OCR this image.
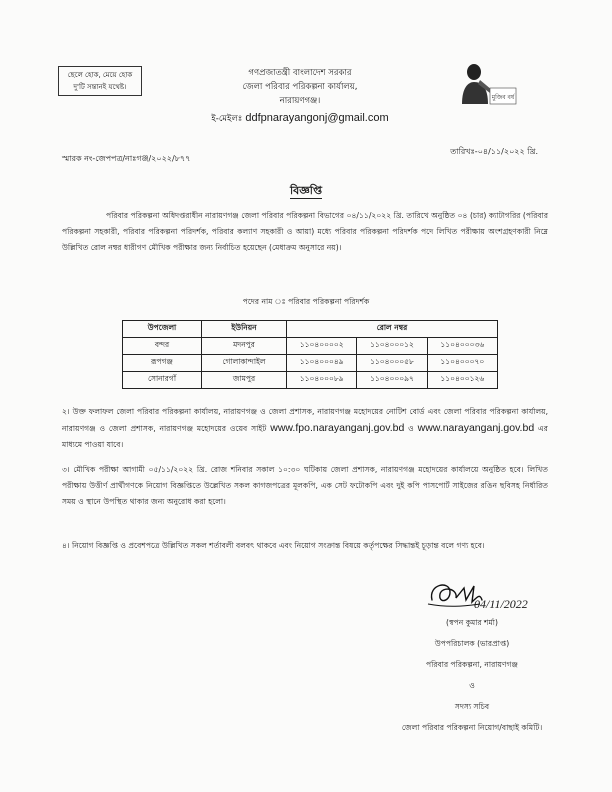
ছেলে হোক, মেয়ে হোক
দু'টি সন্তানই যথেষ্ট।
গণপ্রজাতন্ত্রী বাংলাদেশ সরকার
জেলা পরিবার পরিকল্পনা কার্যালয়,
নারায়ণগঞ্জ।
ই-মেইলঃ ddfpnarayangonj@gmail.com
মুজিব বর্ষ
স্মারক নং-জেপপত্র/নাঃগঞ্জ/২০২২/৮৭৭
তারিখঃ-০৪/১১/২০২২ খ্রি.
বিজ্ঞপ্তি
পরিবার পরিকল্পনা অধিদপ্তরাধীন নারায়ণগঞ্জ জেলা পরিবার পরিকল্পনা বিভাগের ০৪/১১/২০২২ খ্রি. তারিখে অনুষ্ঠিত ০৪ (চার) ক্যাটাগরির (পরিবার পরিকল্পনা সহকারী, পরিবার পরিকল্পনা পরিদর্শক, পরিবার কল্যাণ সহকারী ও আয়া) মধ্যে পরিবার পরিকল্পনা পরিদর্শক পদে লিখিত পরীক্ষায় অংশগ্রহণকারী নিম্নে উল্লিখিত রোল নম্বর ধারীগণ মৌখিক পরীক্ষার জন্য নির্বাচিত হয়েছেন (মেধাক্রম অনুসারে নয়)।
পদের নাম ঃ পরিবার পরিকল্পনা পরিদর্শক
উপজেলা	ইউনিয়ন	রোল নম্বর		
বন্দর	মদনপুর	১১০৪০০০০২	১১০৪০০০১২	১১০৪০০০৩৬
রূপগঞ্জ	গোলাকান্দাইল	১১০৪০০০৪৯	১১০৪০০০৫৮	১১০৪০০০৭০
সোনারগাঁ	জামপুর	১১০৪০০০৮৯	১১০৪০০০৯৭	১১০৪০০১২৬
২। উক্ত ফলাফল জেলা পরিবার পরিকল্পনা কার্যালয়, নারায়ণগঞ্জ ও জেলা প্রশাসক, নারায়ণগঞ্জ মহোদয়ের নোটিশ বোর্ড এবং জেলা পরিবার পরিকল্পনা কার্যালয়, নারায়ণগঞ্জ ও জেলা প্রশাসক, নারায়ণগঞ্জ মহোদয়ের ওয়েব সাইট www.fpo.narayanganj.gov.bd ও www.narayanganj.gov.bd এর মাধ্যমে পাওয়া যাবে।
৩। মৌখিক পরীক্ষা আগামী ০৫/১১/২০২২ খ্রি. রোজ শনিবার সকাল ১০:৩০ ঘটিকায় জেলা প্রশাসক, নারায়ণগঞ্জ মহোদয়ের কার্যালয়ে অনুষ্ঠিত হবে। লিখিত পরীক্ষায় উত্তীর্ণ প্রার্থীগণকে নিয়োগ বিজ্ঞপ্তিতে উল্লেখিত সকল কাগজপত্রের মূলকপি, এক সেট ফটোকপি এবং দুই কপি পাসপোর্ট সাইজের রঙিন ছবিসহ নির্ধারিত সময় ও স্থানে উপস্থিত থাকার জন্য অনুরোধ করা হলো।
৪। নিয়োগ বিজ্ঞপ্তি ও প্রবেশপত্রে উল্লিখিত সকল শর্তাবলী বলবৎ থাকবে এবং নিয়োগ সংক্রান্ত বিষয়ে কর্তৃপক্ষের সিদ্ধান্তই চূড়ান্ত বলে গণ্য হবে।
04/11/2022
(স্বপন কুমার শর্মা)
উপপরিচালক (ভারপ্রাপ্ত)
পরিবার পরিকল্পনা, নারায়ণগঞ্জ
ও
সদস্য সচিব
জেলা পরিবার পরিকল্পনা নিয়োগ/বাছাই কমিটি।
